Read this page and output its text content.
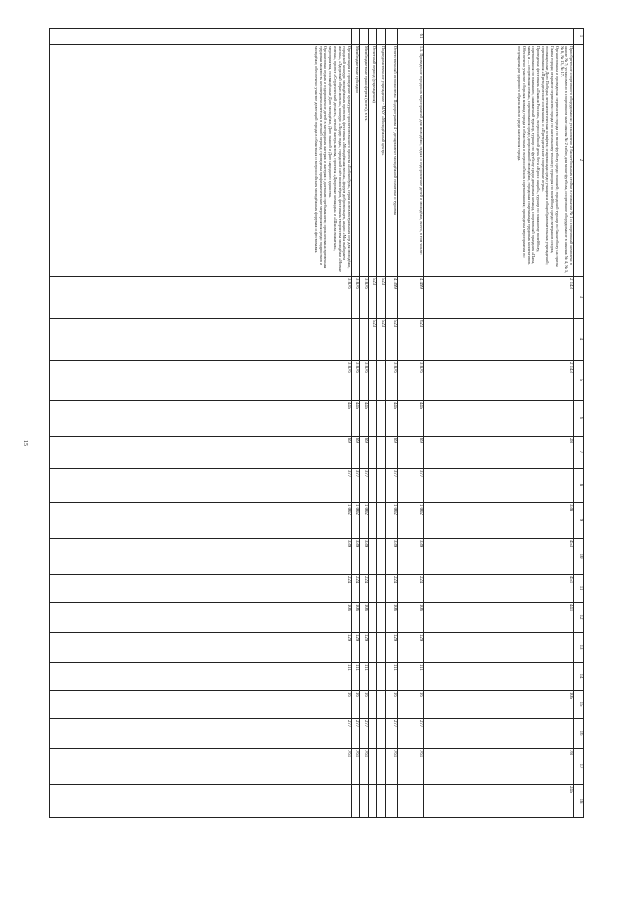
15
1
2
3
4
5
6
7
8
9
10
11
12
13
14
15
16
17
18
Приобретение спортивного оборудования: установлено 2 баскетбольных стойки в гимназии № 1 и спортивный комплекс в школе № 7; установлено в спортивном зале школы № 2 табло для мини-футбола, спортивное оборудование в школах № 4, № 5, № 6, № 13, № 17.
Организованы и проведены: первенство города по мини-футболу среди юношей; городской турнир по баскетболу на призы Главы города; открытое первенство города по настольному теннису; турниры по волейболу среди ветеранов спорта, посвященные Дню Победы; легкоатлетическая эстафета; спартакиада среди учащихся общеобразовательных учреждений; соревнования «Президентские состязания» и «Президентские спортивные игры».
Проведены: фестиваль «Лыжня России», всероссийский день бега «Кросс наций», турнир по пляжному волейболу, соревнования по плаванию, шахматный турнир, турнир по футболу среди дворовых команд, спортивный праздник «Папа, мама, я — спортивная семья», соревнования среди допризывной молодёжи, городская спартакиада трудовых коллективов.
Обеспечено участие сборных команд города в областных и всероссийских соревнованиях; проведены мероприятия по популяризации здорового образа жизни среди населения города.
2 143
2 143
28
338
453
451
441
105
78
245
61
1.5. Проведение городских мероприятий для молодёжи, отдых и оздоровление детей и молодёжи, всего, в том числе:
4 499
623
3 876
445
89
377
1 002
339
224
106
129
111
16
277
761
Ответственный исполнитель: Подпрограмма 4 - департамент молодёжной политики и туризма
4 399
523
3 876
445
89
377
1 002
339
224
106
129
111
16
277
761
Подведомственное учреждение - МАУ «Молодёжный центр»
523
523
Отчетный период (учреждения)
523
523
Межбюджетные трансферты (всего), в т.ч.
3 876
3 876
445
89
377
1 002
339
224
106
129
111
16
277
761
Межбюджетные субсидии
3 876
3 876
445
89
377
1 002
339
224
106
129
111
16
277
761
Организация и проведение культурно-просветительского проекта «Библиобум», серия интеллектуальных игр для молодёжи, городской конкурс молодёжных проектов, фестиваль «Молодёжная весна», форум добровольцев, акции «Мы выбираем жизнь», «Здоровый образ жизни», конкурс «Лидер года», городской слёт волонтёров, фестиваль творчества молодёжи «Новые имена», проект «Студенческий десант», летний лагерь актива, проекты «Дворовые команды» и «Школа вожатых», мероприятия, посвящённые Дню молодёжи, Дню знаний и Дню народного единства.
Организован отдых и оздоровление детей в загородных лагерях и лагерях с дневным пребыванием; организована временная трудовая занятость несовершеннолетних в летний период; проведены профилактические мероприятия среди подростков и молодёжи; обеспечено участие делегаций города в областных и всероссийских молодёжных форумах и фестивалях.
3 876
3 876
445
89
377
1 002
339
224
106
129
111
16
277
761
